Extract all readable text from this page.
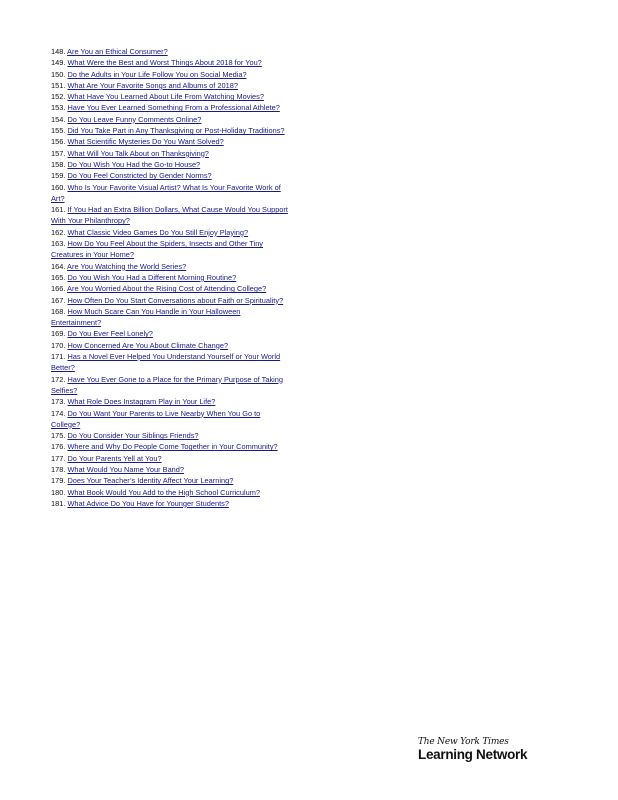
148. Are You an Ethical Consumer?
149. What Were the Best and Worst Things About 2018 for You?
150. Do the Adults in Your Life Follow You on Social Media?
151. What Are Your Favorite Songs and Albums of 2018?
152. What Have You Learned About Life From Watching Movies?
153. Have You Ever Learned Something From a Professional Athlete?
154. Do You Leave Funny Comments Online?
155. Did You Take Part in Any Thanksgiving or Post-Holiday Traditions?
156. What Scientific Mysteries Do You Want Solved?
157. What Will You Talk About on Thanksgiving?
158. Do You Wish You Had the Go-to House?
159. Do You Feel Constricted by Gender Norms?
160. Who Is Your Favorite Visual Artist? What Is Your Favorite Work of Art?
161. If You Had an Extra Billion Dollars, What Cause Would You Support With Your Philanthropy?
162. What Classic Video Games Do You Still Enjoy Playing?
163. How Do You Feel About the Spiders, Insects and Other Tiny Creatures in Your Home?
164. Are You Watching the World Series?
165. Do You Wish You Had a Different Morning Routine?
166. Are You Worried About the Rising Cost of Attending College?
167. How Often Do You Start Conversations about Faith or Spirituality?
168. How Much Scare Can You Handle in Your Halloween Entertainment?
169. Do You Ever Feel Lonely?
170. How Concerned Are You About Climate Change?
171. Has a Novel Ever Helped You Understand Yourself or Your World Better?
172. Have You Ever Gone to a Place for the Primary Purpose of Taking Selfies?
173. What Role Does Instagram Play in Your Life?
174. Do You Want Your Parents to Live Nearby When You Go to College?
175. Do You Consider Your Siblings Friends?
176. Where and Why Do People Come Together in Your Community?
177. Do Your Parents Yell at You?
178. What Would You Name Your Band?
179. Does Your Teacher’s Identity Affect Your Learning?
180. What Book Would You Add to the High School Curriculum?
181. What Advice Do You Have for Younger Students?
The New York Times
Learning Network
